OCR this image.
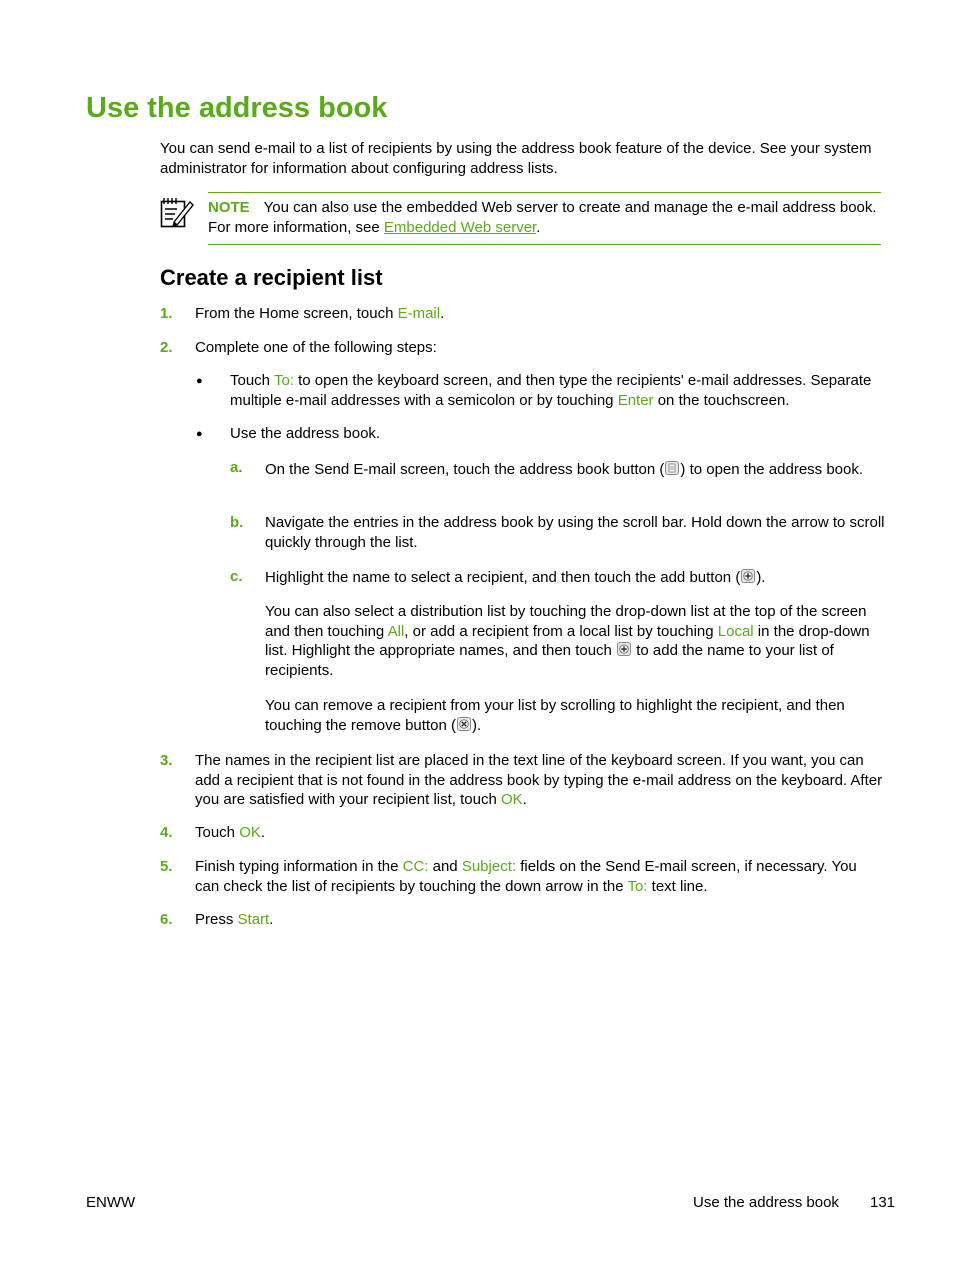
Use the address book

You can send e-mail to a list of recipients by using the address book feature of the device. See your system administrator for information about configuring address lists.

NOTE You can also use the embedded Web server to create and manage the e-mail address book. For more information, see Embedded Web server.
Create a recipient list
1. From the Home screen, touch E-mail.
2. Complete one of the following steps:
● Touch To: to open the keyboard screen, and then type the recipients' e-mail addresses. Separate multiple e-mail addresses with a semicolon or by touching Enter on the touchscreen.
● Use the address book.
a. On the Send E-mail screen, touch the address book button ( ) to open the address book.
b. Navigate the entries in the address book by using the scroll bar. Hold down the arrow to scroll quickly through the list.
c. Highlight the name to select a recipient, and then touch the add button ( ).
You can also select a distribution list by touching the drop-down list at the top of the screen and then touching All, or add a recipient from a local list by touching Local in the drop-down list. Highlight the appropriate names, and then touch
to add the name to your list of recipients.
You can remove a recipient from your list by scrolling to highlight the recipient, and then touching the remove button ( ).
3. The names in the recipient list are placed in the text line of the keyboard screen. If you want, you can add a recipient that is not found in the address book by typing the e-mail address on the keyboard. After you are satisfied with your recipient list, touch OK.
4. Touch OK.
5. Finish typing information in the CC: and Subject: fields on the Send E-mail screen, if necessary. You can check the list of recipients by touching the down arrow in the To: text line.
6. Press Start.
ENWW	Use the address book 131
